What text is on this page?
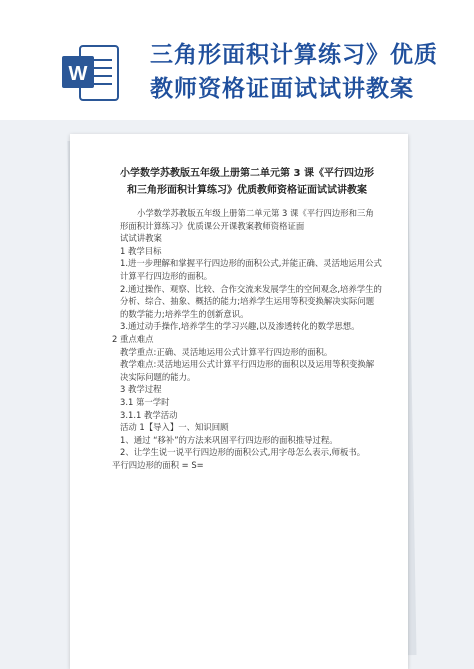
W
三角形面积计算练习》优质教师资格证面试试讲教案
小学数学苏教版五年级上册第二单元第 3 课《平行四边形和三角形面积计算练习》优质教师资格证面试试讲教案

小学数学苏教版五年级上册第二单元第 3 课《平行四边形和三角形面积计算练习》优质课公开课教案教师资格证面

试试讲教案

1 教学目标

1.进一步理解和掌握平行四边形的面积公式,并能正确、灵活地运用公式计算平行四边形的面积。

2.通过操作、观察、比较、合作交流来发展学生的空间观念,培养学生的分析、综合、抽象、概括的能力;培养学生运用等积变换解决实际问题的数学能力;培养学生的创新意识。

3.通过动手操作,培养学生的学习兴趣,以及渗透转化的数学思想。

2 重点难点

教学重点:正确、灵活地运用公式计算平行四边形的面积。

教学难点:灵活地运用公式计算平行四边形的面积以及运用等积变换解决实际问题的能力。

3 教学过程

3.1 第一学时

3.1.1 教学活动

活动 1【导入】一、知识回顾

1、通过 “移补”的方法来巩固平行四边形的面积推导过程。

2、让学生说一说平行四边形的面积公式,用字母怎么表示,师板书。

平行四边形的面积 = S=
